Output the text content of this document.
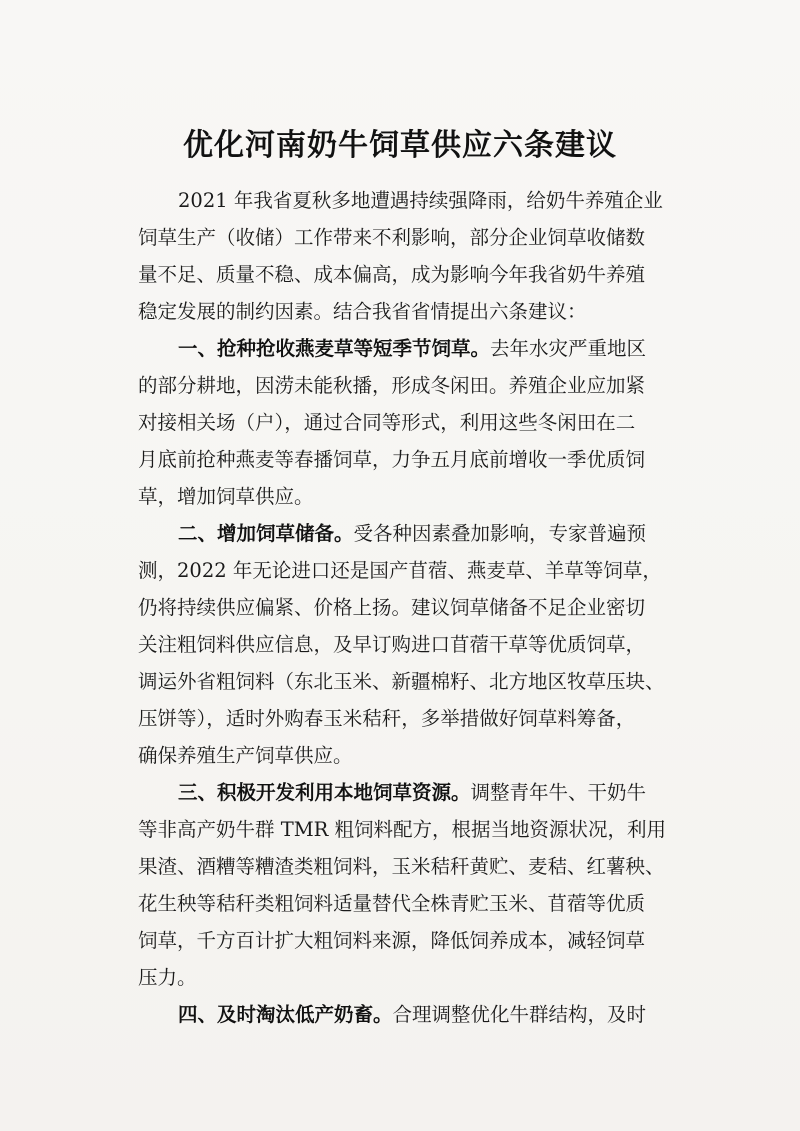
优化河南奶牛饲草供应六条建议
2021 年我省夏秋多地遭遇持续强降雨，给奶牛养殖企业
饲草生产（收储）工作带来不利影响，部分企业饲草收储数
量不足、质量不稳、成本偏高，成为影响今年我省奶牛养殖
稳定发展的制约因素。结合我省省情提出六条建议：
一、抢种抢收燕麦草等短季节饲草。去年水灾严重地区
的部分耕地，因涝未能秋播，形成冬闲田。养殖企业应加紧
对接相关场（户），通过合同等形式，利用这些冬闲田在二
月底前抢种燕麦等春播饲草，力争五月底前增收一季优质饲
草，增加饲草供应。
二、增加饲草储备。受各种因素叠加影响，专家普遍预
测，2022 年无论进口还是国产苜蓿、燕麦草、羊草等饲草，
仍将持续供应偏紧、价格上扬。建议饲草储备不足企业密切
关注粗饲料供应信息，及早订购进口苜蓿干草等优质饲草，
调运外省粗饲料（东北玉米、新疆棉籽、北方地区牧草压块、
压饼等），适时外购春玉米秸秆，多举措做好饲草料筹备，
确保养殖生产饲草供应。
三、积极开发利用本地饲草资源。调整青年牛、干奶牛
等非高产奶牛群 TMR 粗饲料配方，根据当地资源状况，利用
果渣、酒糟等糟渣类粗饲料，玉米秸秆黄贮、麦秸、红薯秧、
花生秧等秸秆类粗饲料适量替代全株青贮玉米、苜蓿等优质
饲草，千方百计扩大粗饲料来源，降低饲养成本，减轻饲草
压力。
四、及时淘汰低产奶畜。合理调整优化牛群结构，及时
